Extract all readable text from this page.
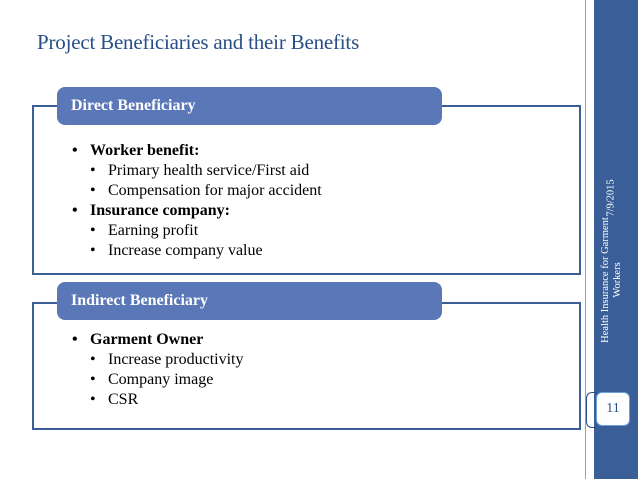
Project Beneficiaries and their Benefits
7/9/2015
Health Insurance for Garment Workers
11
Direct Beneficiary
• Worker benefit:
• Primary health service/First aid
• Compensation for major accident
• Insurance company:
• Earning profit
• Increase company value
Indirect Beneficiary
• Garment Owner
• Increase productivity
• Company image
• CSR
